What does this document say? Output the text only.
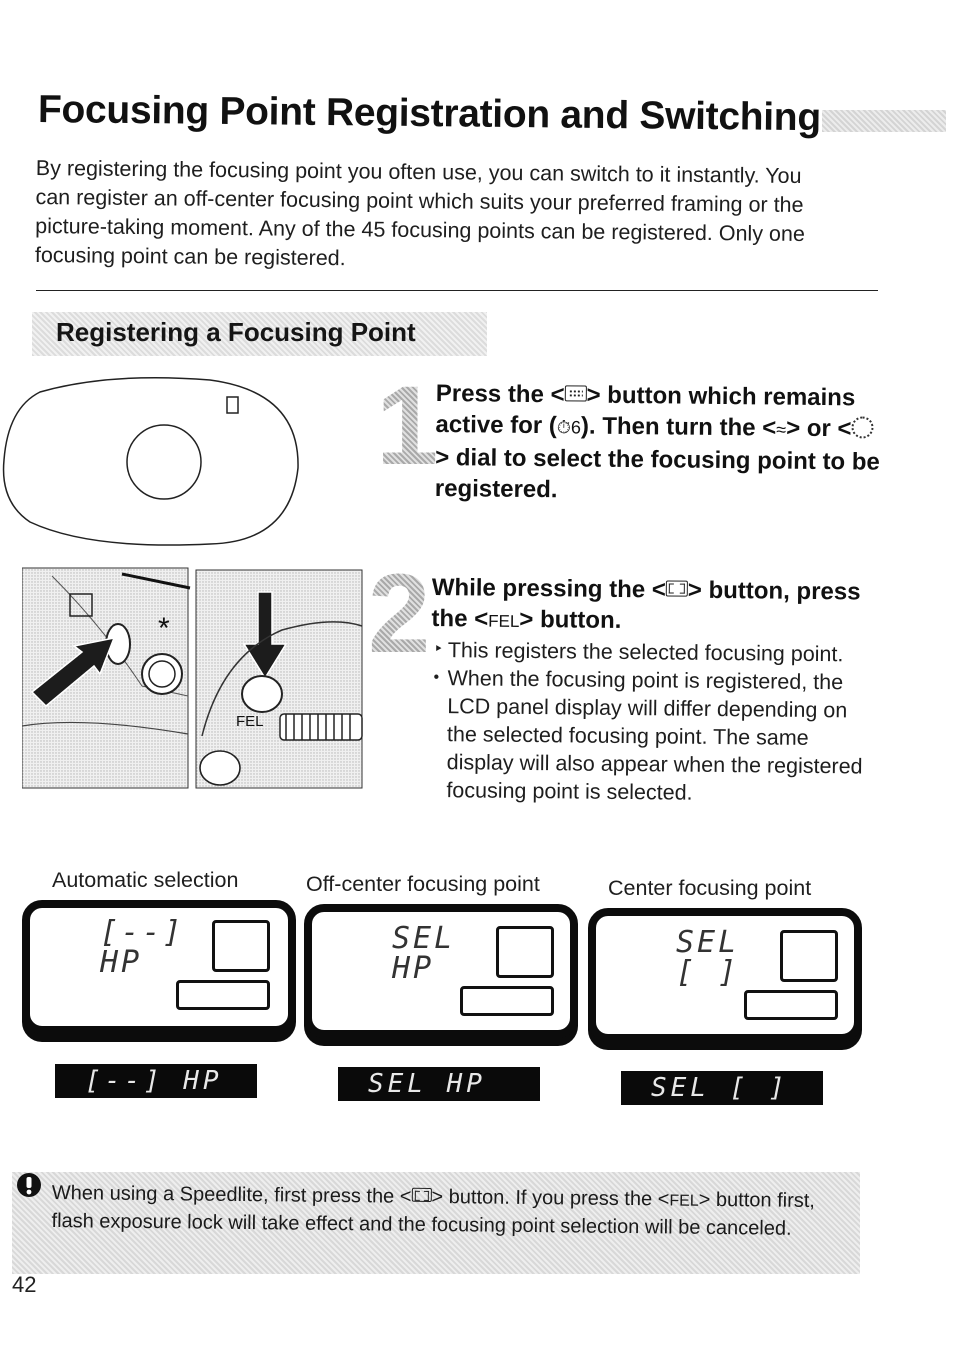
Focusing Point Registration and Switching

By registering the focusing point you often use, you can switch to it instantly. You can register an off-center focusing point which suits your preferred framing or the picture-taking moment. Any of the 45 focusing points can be registered. Only one focusing point can be registered.

Registering a Focusing Point
*
FEL
1

Press the < > button which remains active for (⏱6). Then turn the <≈> or <> dial to select the focusing point to be registered.

2 While pressing the < > button, press the <FEL> button.

‣ This registers the selected focusing point.
• When the focusing point is registered, the LCD panel display will differ depending on the selected focusing point. The same display will also appear when the registered focusing point is selected.

Automatic selection	Off-center focusing point	Center focusing point

[--]
HP
SEL
HP
SEL
[ ]
[--] HP	SEL HP	SEL [ ]

When using a Speedlite, first press the < > button. If you press the <FEL> button first, flash exposure lock will take effect and the focusing point selection will be canceled.

42
